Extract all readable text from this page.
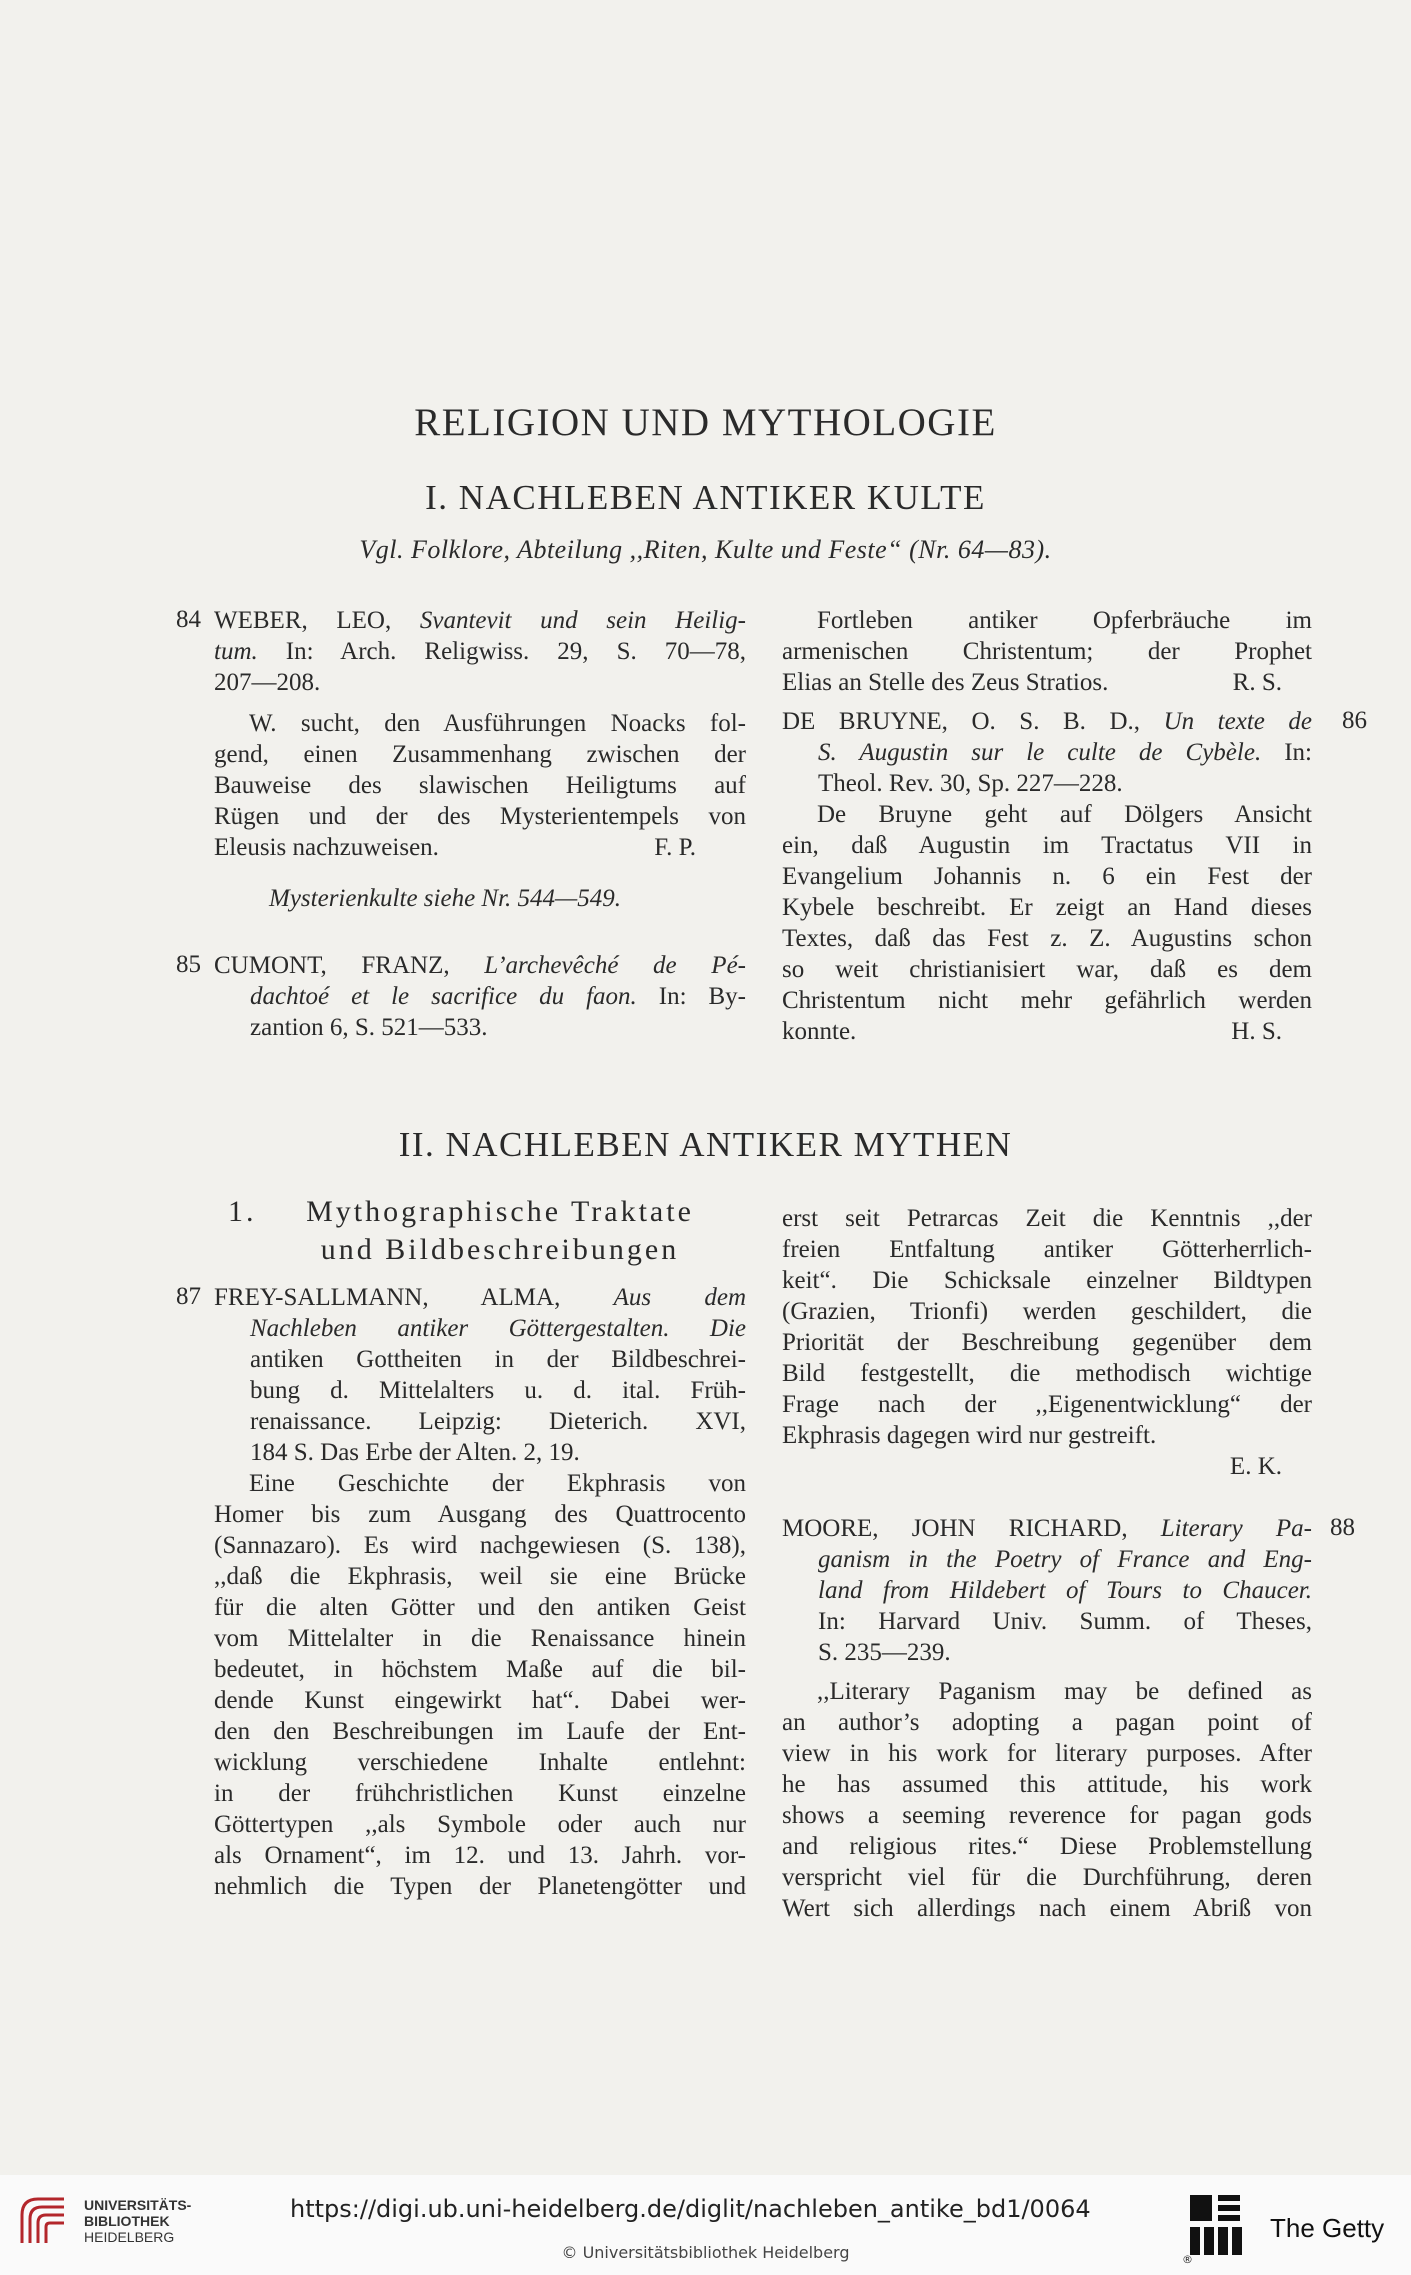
RELIGION UND MYTHOLOGIE
I. NACHLEBEN ANTIKER KULTE
Vgl. Folklore, Abteilung ,,Riten, Kulte und Feste“ (Nr. 64—83).
84 WEBER, LEO, Svantevit und sein Heilig-

tum. In: Arch. Religwiss. 29, S. 70—78,

207—208.

W. sucht, den Ausführungen Noacks fol-

gend, einen Zusammenhang zwischen der

Bauweise des slawischen Heiligtums auf

Rügen und der des Mysterientempels von

Eleusis nachzuweisen.	F. P.

Mysterienkulte siehe Nr. 544—549.

85 CUMONT, FRANZ, L’archevêché de Pé-

dachtoé et le sacrifice du faon. In: By-

zantion 6, S. 521—533.

Fortleben antiker Opferbräuche im

armenischen Christentum; der Prophet

Elias an Stelle des Zeus Stratios.	R. S.

86

DE BRUYNE, O. S. B. D., Un texte de

S. Augustin sur le culte de Cybèle. In:

Theol. Rev. 30, Sp. 227—228.

De Bruyne geht auf Dölgers Ansicht

ein, daß Augustin im Tractatus VII in

Evangelium Johannis n. 6 ein Fest der

Kybele beschreibt. Er zeigt an Hand dieses

Textes, daß das Fest z. Z. Augustins schon

so weit christianisiert war, daß es dem

Christentum nicht mehr gefährlich werden

konnte.	H. S.

II. NACHLEBEN ANTIKER MYTHEN
1.	Mythographische Traktate
und Bildbeschreibungen
87 FREY-SALLMANN, ALMA, Aus dem

Nachleben antiker Göttergestalten. Die

antiken Gottheiten in der Bildbeschrei-

bung d. Mittelalters u. d. ital. Früh-

renaissance. Leipzig: Dieterich. XVI,

184 S. Das Erbe der Alten. 2, 19.

Eine Geschichte der Ekphrasis von

Homer bis zum Ausgang des Quattrocento

(Sannazaro). Es wird nachgewiesen (S. 138),

,,daß die Ekphrasis, weil sie eine Brücke

für die alten Götter und den antiken Geist

vom Mittelalter in die Renaissance hinein

bedeutet, in höchstem Maße auf die bil-

dende Kunst eingewirkt hat“. Dabei wer-

den den Beschreibungen im Laufe der Ent-

wicklung verschiedene Inhalte entlehnt:

in der frühchristlichen Kunst einzelne

Göttertypen ,,als Symbole oder auch nur

als Ornament“, im 12. und 13. Jahrh. vor-

nehmlich die Typen der Planetengötter und

erst seit Petrarcas Zeit die Kenntnis ,,der

freien Entfaltung antiker Götterherrlich-

keit“. Die Schicksale einzelner Bildtypen

(Grazien, Trionfi) werden geschildert, die

Priorität der Beschreibung gegenüber dem

Bild festgestellt, die methodisch wichtige

Frage nach der ,,Eigenentwicklung“ der

Ekphrasis dagegen wird nur gestreift.

E. K.

88

MOORE, JOHN RICHARD, Literary Pa-

ganism in the Poetry of France and Eng-

land from Hildebert of Tours to Chaucer.

In: Harvard Univ. Summ. of Theses,

S. 235—239.

,,Literary Paganism may be defined as

an author’s adopting a pagan point of

view in his work for literary purposes. After

he has assumed this attitude, his work

shows a seeming reverence for pagan gods

and religious rites.“ Diese Problemstellung

verspricht viel für die Durchführung, deren

Wert sich allerdings nach einem Abriß von

UNIVERSITÄTS-
BIBLIOTHEK
HEIDELBERG
https://digi.ub.uni-heidelberg.de/diglit/nachleben_antike_bd1/0064
© Universitätsbibliothek Heidelberg
The Getty
®
